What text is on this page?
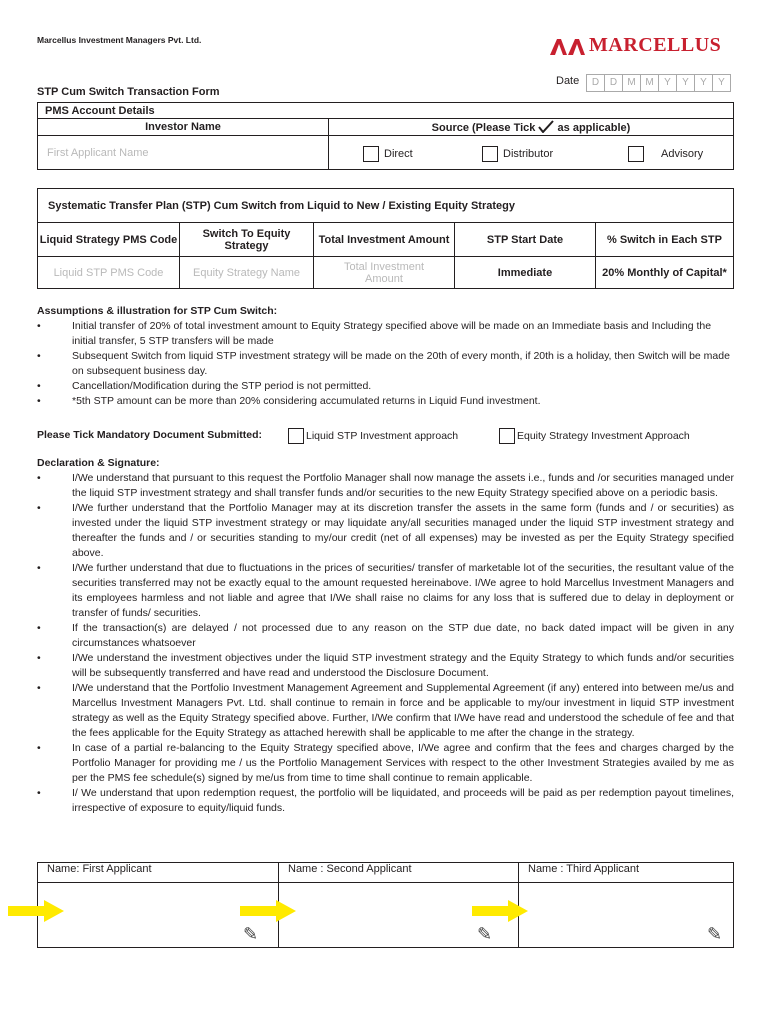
Marcellus Investment Managers Pvt. Ltd.	MARCELLUS
Date	D	D	M M	Y	Y	Y	Y
STP Cum Switch Transaction Form
PMS Account Details	
Investor Name	Source (Please Tick as applicable)
First Applicant Name	Direct Distributor Advisory
Systematic Transfer Plan (STP) Cum Switch from Liquid to New / Existing Equity Strategy				
Liquid Strategy PMS Code	Switch To Equity Strategy	Total Investment Amount	STP Start Date	% Switch in Each STP
Liquid STP PMS Code	Equity Strategy Name	Total Investment Amount	Immediate	20% Monthly of Capital*
Assumptions & illustration for STP Cum Switch:
• Initial transfer of 20% of total investment amount to Equity Strategy specified above will be made on an Immediate basis and Including the initial transfer, 5 STP transfers will be made
• Subsequent Switch from liquid STP investment strategy will be made on the 20th of every month, if 20th is a holiday, then Switch will be made on subsequent business day.
• Cancellation/Modification during the STP period is not permitted.
• *5th STP amount can be more than 20% considering accumulated returns in Liquid Fund investment.
Please Tick Mandatory Document Submitted:	Liquid STP Investment approach	Equity Strategy Investment Approach
Declaration & Signature:
• I/We understand that pursuant to this request the Portfolio Manager shall now manage the assets i.e., funds and /or securities managed under the liquid STP investment strategy and shall transfer funds and/or securities to the new Equity Strategy specified above on a periodic basis.
• I/We further understand that the Portfolio Manager may at its discretion transfer the assets in the same form (funds and / or securities) as invested under the liquid STP investment strategy or may liquidate any/all securities managed under the liquid STP investment strategy and thereafter the funds and / or securities standing to my/our credit (net of all expenses) may be invested as per the Equity Strategy specified above.
• I/We further understand that due to fluctuations in the prices of securities/ transfer of marketable lot of the securities, the resultant value of the securities transferred may not be exactly equal to the amount requested hereinabove. I/We agree to hold Marcellus Investment Managers and its employees harmless and not liable and agree that I/We shall raise no claims for any loss that is suffered due to delay in deployment or transfer of funds/ securities.
• If the transaction(s) are delayed / not processed due to any reason on the STP due date, no back dated impact will be given in any circumstances whatsoever
• I/We understand the investment objectives under the liquid STP investment strategy and the Equity Strategy to which funds and/or securities will be subsequently transferred and have read and understood the Disclosure Document.
• I/We understand that the Portfolio Investment Management Agreement and Supplemental Agreement (if any) entered into between me/us and Marcellus Investment Managers Pvt. Ltd. shall continue to remain in force and be applicable to my/our investment in liquid STP investment strategy as well as the Equity Strategy specified above. Further, I/We confirm that I/We have read and understood the schedule of fee and that the fees applicable for the Equity Strategy as attached herewith shall be applicable to me after the change in the strategy.
• In case of a partial re-balancing to the Equity Strategy specified above, I/We agree and confirm that the fees and charges charged by the Portfolio Manager for providing me / us the Portfolio Management Services with respect to the other Investment Strategies availed by me as per the PMS fee schedule(s) signed by me/us from time to time shall continue to remain applicable.
• I/ We understand that upon redemption request, the portfolio will be liquidated, and proceeds will be paid as per redemption payout timelines, irrespective of exposure to equity/liquid funds.
Name: First Applicant	Name : Second Applicant	Name : Third Applicant

✎	✎	✎
